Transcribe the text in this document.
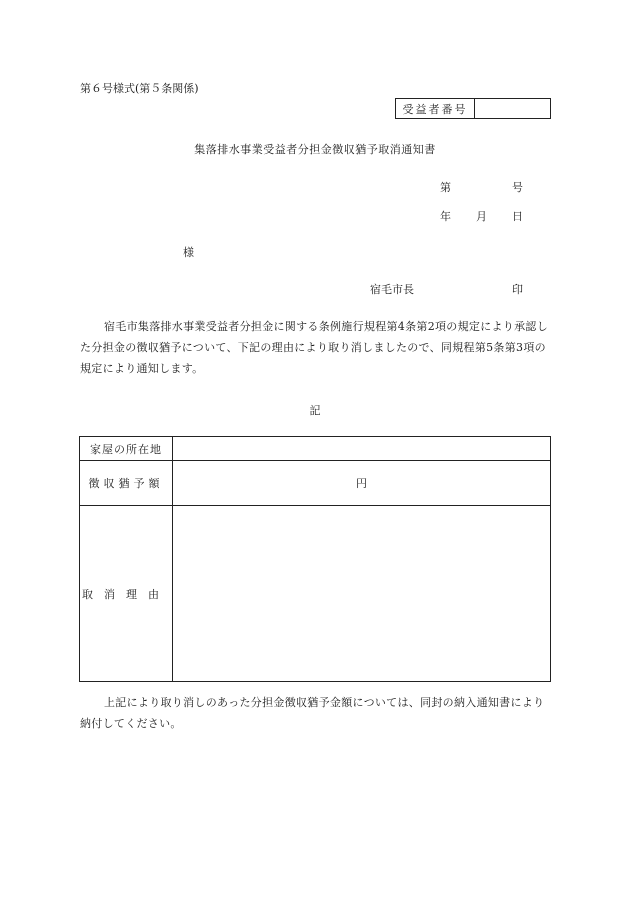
第６号様式(第５条関係)
受益者番号
集落排水事業受益者分担金徴収猶予取消通知書
第	号
年 月 日
様
宿毛市長	印
宿毛市集落排水事業受益者分担金に関する条例施行規程第4条第2項の規定により承認した分担金の徴収猶予について、下記の理由により取り消しましたので、同規程第5条第3項の規定により通知します。
記
家屋の所在地	
徴収猶予額	円
取消理由	
上記により取り消しのあった分担金徴収猶予金額については、同封の納入通知書により納付してください。
